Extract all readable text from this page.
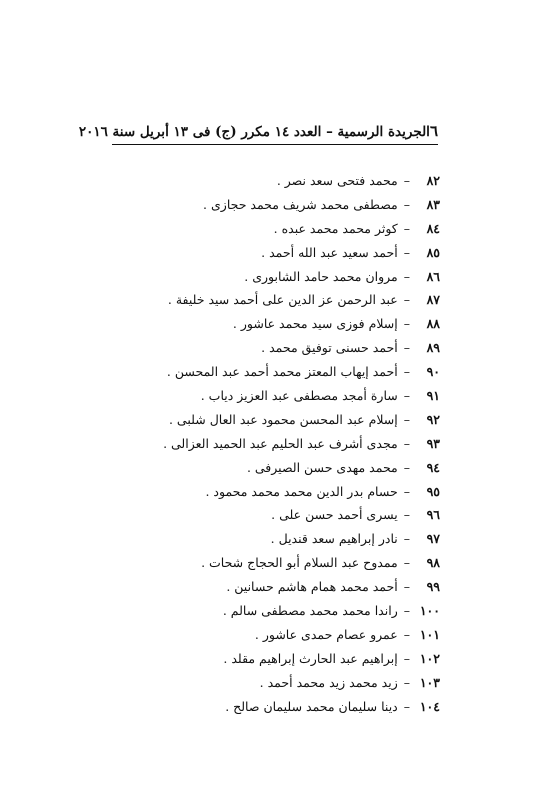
٦
الجريدة الرسمية – العدد ١٤ مكرر (ج) فى ١٣ أبريل سنة ٢٠١٦
٨٢
–
محمد فتحى سعد نصر .
٨٣
–
مصطفى محمد شريف محمد حجازى .
٨٤
–
كوثر محمد محمد عبده .
٨٥
–
أحمد سعيد عبد الله أحمد .
٨٦
–
مروان محمد حامد الشابورى .
٨٧
–
عبد الرحمن عز الدين على أحمد سيد خليفة .
٨٨
–
إسلام فوزى سيد محمد عاشور .
٨٩
–
أحمد حسنى توفيق محمد .
٩٠
–
أحمد إيهاب المعتز محمد أحمد عبد المحسن .
٩١
–
سارة أمجد مصطفى عبد العزيز دياب .
٩٢
–
إسلام عبد المحسن محمود عبد العال شلبى .
٩٣
–
مجدى أشرف عبد الحليم عبد الحميد العزالى .
٩٤
–
محمد مهدى حسن الصيرفى .
٩٥
–
حسام بدر الدين محمد محمد محمود .
٩٦
–
يسرى أحمد حسن على .
٩٧
–
نادر إبراهيم سعد قنديل .
٩٨
–
ممدوح عبد السلام أبو الحجاج شحات .
٩٩
–
أحمد محمد همام هاشم حسانين .
١٠٠
–
راندا محمد محمد مصطفى سالم .
١٠١
–
عمرو عصام حمدى عاشور .
١٠٢
–
إبراهيم عبد الحارث إبراهيم مقلد .
١٠٣
–
زيد محمد زيد محمد أحمد .
١٠٤
–
دينا سليمان محمد سليمان صالح .
